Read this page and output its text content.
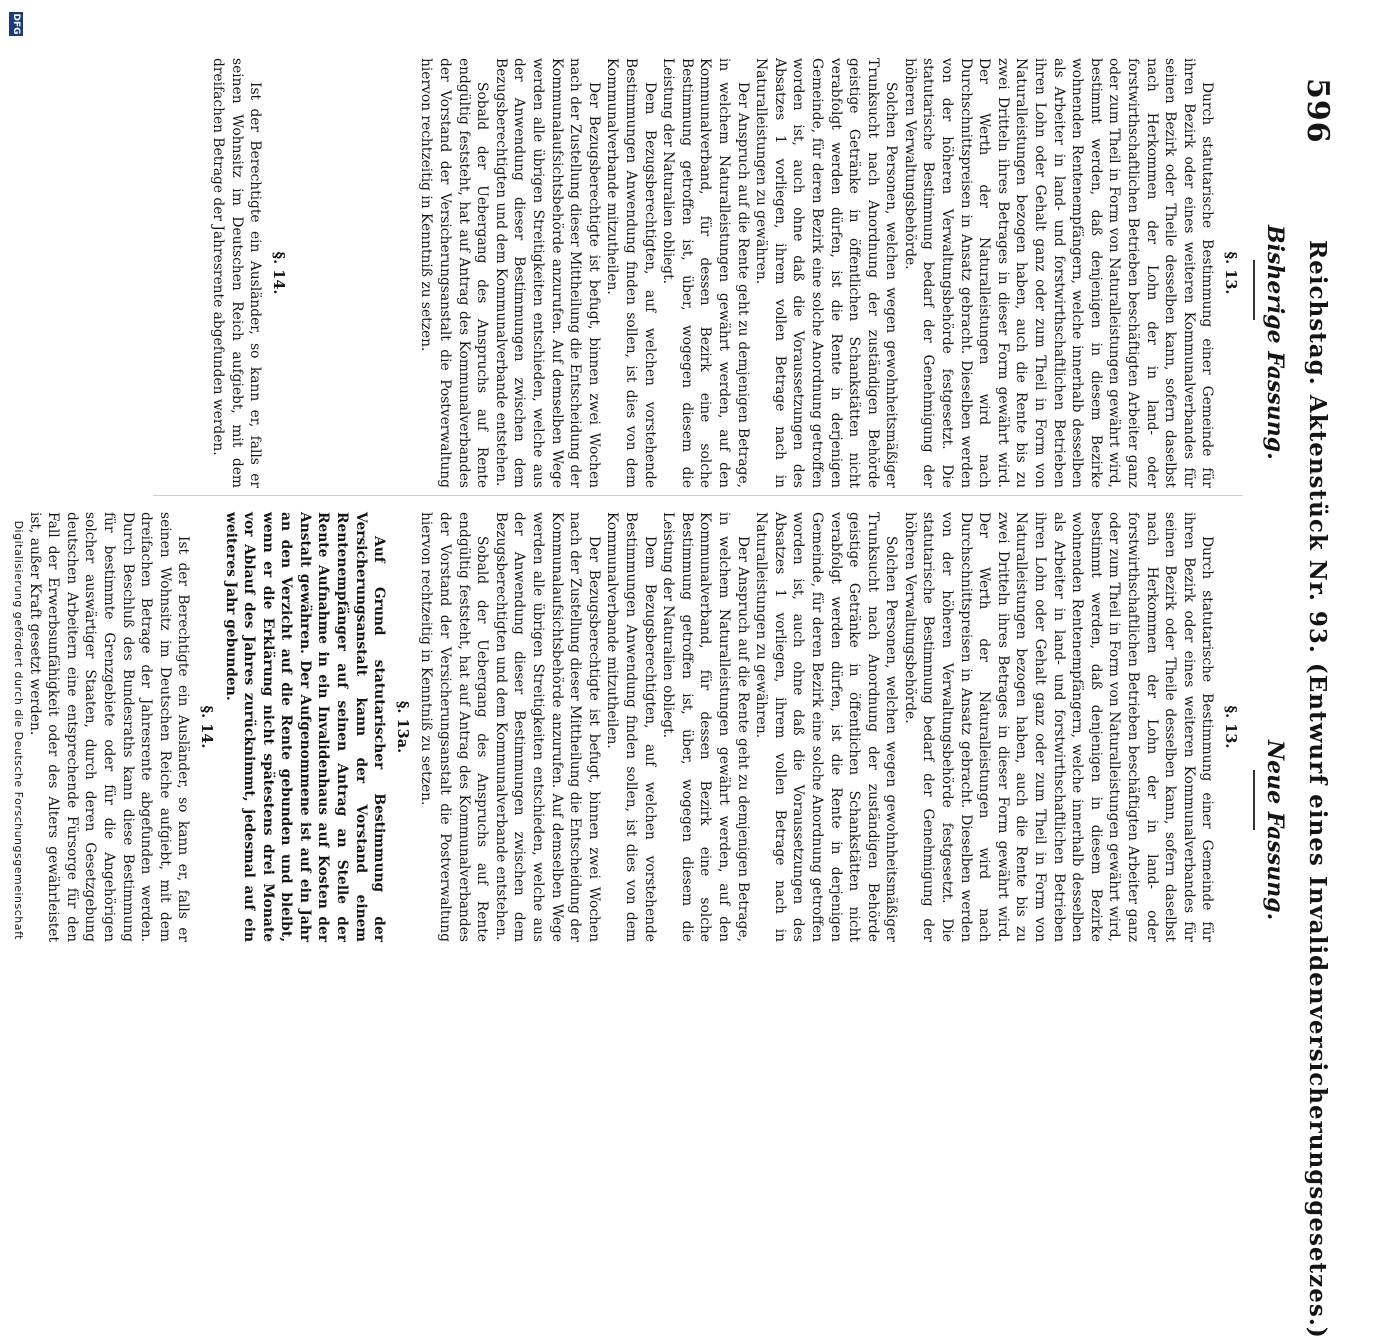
596
Reichstag. Aktenstück Nr. 93. (Entwurf eines Invalidenversicherungsgesetzes.)
Bisherige Fassung.
Neue Fassung.
§. 13.

Durch statutarische Bestimmung einer Gemeinde für ihren Bezirk oder eines weiteren Kommunalverbandes für seinen Bezirk oder Theile desselben kann, sofern daselbst nach Herkommen der Lohn der in land- oder forstwirthschaftlichen Betrieben beschäftigten Arbeiter ganz oder zum Theil in Form von Naturalleistungen gewährt wird, bestimmt werden, daß denjenigen in diesem Bezirke wohnenden Rentenempfängern, welche innerhalb desselben als Arbeiter in land- und forstwirthschaftlichen Betrieben ihren Lohn oder Gehalt ganz oder zum Theil in Form von Naturalleistungen bezogen haben, auch die Rente bis zu zwei Dritteln ihres Betrages in dieser Form gewährt wird. Der Werth der Naturalleistungen wird nach Durchschnittspreisen in Ansatz gebracht. Dieselben werden von der höheren Verwaltungsbehörde festgesetzt. Die statutarische Bestimmung bedarf der Genehmigung der höheren Verwaltungsbehörde.

Solchen Personen, welchen wegen gewohnheitsmäßiger Trunksucht nach Anordnung der zuständigen Behörde geistige Getränke in öffentlichen Schankstätten nicht verabfolgt werden dürfen, ist die Rente in derjenigen Gemeinde, für deren Bezirk eine solche Anordnung getroffen worden ist, auch ohne daß die Voraussetzungen des Absatzes 1 vorliegen, ihrem vollen Betrage nach in Naturalleistungen zu gewähren.

Der Anspruch auf die Rente geht zu demjenigen Betrage, in welchem Naturalleistungen gewährt werden, auf den Kommunalverband, für dessen Bezirk eine solche Bestimmung getroffen ist, über, wogegen diesem die Leistung der Naturalien obliegt.

Dem Bezugsberechtigten, auf welchen vorstehende Bestimmungen Anwendung finden sollen, ist dies von dem Kommunalverbande mitzutheilen.

Der Bezugsberechtigte ist befugt, binnen zwei Wochen nach der Zustellung dieser Mittheilung die Entscheidung der Kommunalaufsichtsbehörde anzurufen. Auf demselben Wege werden alle übrigen Streitigkeiten entschieden, welche aus der Anwendung dieser Bestimmungen zwischen dem Bezugsberechtigten und dem Kommunalverbande entstehen.

Sobald der Uebergang des Anspruchs auf Rente endgültig feststeht, hat auf Antrag des Kommunalverbandes der Vorstand der Versicherungsanstalt die Postverwaltung hiervon rechtzeitig in Kenntniß zu setzen.

§. 14.

Ist der Berechtigte ein Ausländer, so kann er, falls er seinen Wohnsitz im Deutschen Reich aufgiebt, mit dem dreifachen Betrage der Jahresrente abgefunden werden.

§. 13.

Durch statutarische Bestimmung einer Gemeinde für ihren Bezirk oder eines weiteren Kommunalverbandes für seinen Bezirk oder Theile desselben kann, sofern daselbst nach Herkommen der Lohn der in land- oder forstwirthschaftlichen Betrieben beschäftigten Arbeiter ganz oder zum Theil in Form von Naturalleistungen gewährt wird, bestimmt werden, daß denjenigen in diesem Bezirke wohnenden Rentenempfängern, welche innerhalb desselben als Arbeiter in land- und forstwirthschaftlichen Betrieben ihren Lohn oder Gehalt ganz oder zum Theil in Form von Naturalleistungen bezogen haben, auch die Rente bis zu zwei Dritteln ihres Betrages in dieser Form gewährt wird. Der Werth der Naturalleistungen wird nach Durchschnittspreisen in Ansatz gebracht. Dieselben werden von der höheren Verwaltungsbehörde festgesetzt. Die statutarische Bestimmung bedarf der Genehmigung der höheren Verwaltungsbehörde.

Solchen Personen, welchen wegen gewohnheitsmäßiger Trunksucht nach Anordnung der zuständigen Behörde geistige Getränke in öffentlichen Schankstätten nicht verabfolgt werden dürfen, ist die Rente in derjenigen Gemeinde, für deren Bezirk eine solche Anordnung getroffen worden ist, auch ohne daß die Voraussetzungen des Absatzes 1 vorliegen, ihrem vollen Betrage nach in Naturalleistungen zu gewähren.

Der Anspruch auf die Rente geht zu demjenigen Betrage, in welchem Naturalleistungen gewährt werden, auf den Kommunalverband, für dessen Bezirk eine solche Bestimmung getroffen ist, über, wogegen diesem die Leistung der Naturalien obliegt.

Dem Bezugsberechtigten, auf welchen vorstehende Bestimmungen Anwendung finden sollen, ist dies von dem Kommunalverbande mitzutheilen.

Der Bezugsberechtigte ist befugt, binnen zwei Wochen nach der Zustellung dieser Mittheilung die Entscheidung der Kommunalaufsichtsbehörde anzurufen. Auf demselben Wege werden alle übrigen Streitigkeiten entschieden, welche aus der Anwendung dieser Bestimmungen zwischen dem Bezugsberechtigten und dem Kommunalverbande entstehen.

Sobald der Uebergang des Anspruchs auf Rente endgültig feststeht, hat auf Antrag des Kommunalverbandes der Vorstand der Versicherungsanstalt die Postverwaltung hiervon rechtzeitig in Kenntniß zu setzen.

§. 13a.

Auf Grund statutarischer Bestimmung der Versicherungsanstalt kann der Vorstand einem Rentenempfänger auf seinen Antrag an Stelle der Rente Aufnahme in ein Invalidenhaus auf Kosten der Anstalt gewähren. Der Aufgenommene ist auf ein Jahr an den Verzicht auf die Rente gebunden und bleibt, wenn er die Erklärung nicht spätestens drei Monate vor Ablauf des Jahres zurücknimmt, jedesmal auf ein weiteres Jahr gebunden.

§. 14.

Ist der Berechtigte ein Ausländer, so kann er, falls er seinen Wohnsitz im Deutschen Reiche aufgiebt, mit dem dreifachen Betrage der Jahresrente abgefunden werden. Durch Beschluß des Bundesraths kann diese Bestimmung für bestimmte Grenzgebiete oder für die Angehörigen solcher auswärtiger Staaten, durch deren Gesetzgebung deutschen Arbeitern eine entsprechende Fürsorge für den Fall der Erwerbsunfähigkeit oder des Alters gewährleistet ist, außer Kraft gesetzt werden.

DFG
Digitalisierung gefördert durch die Deutsche Forschungsgemeinschaft
